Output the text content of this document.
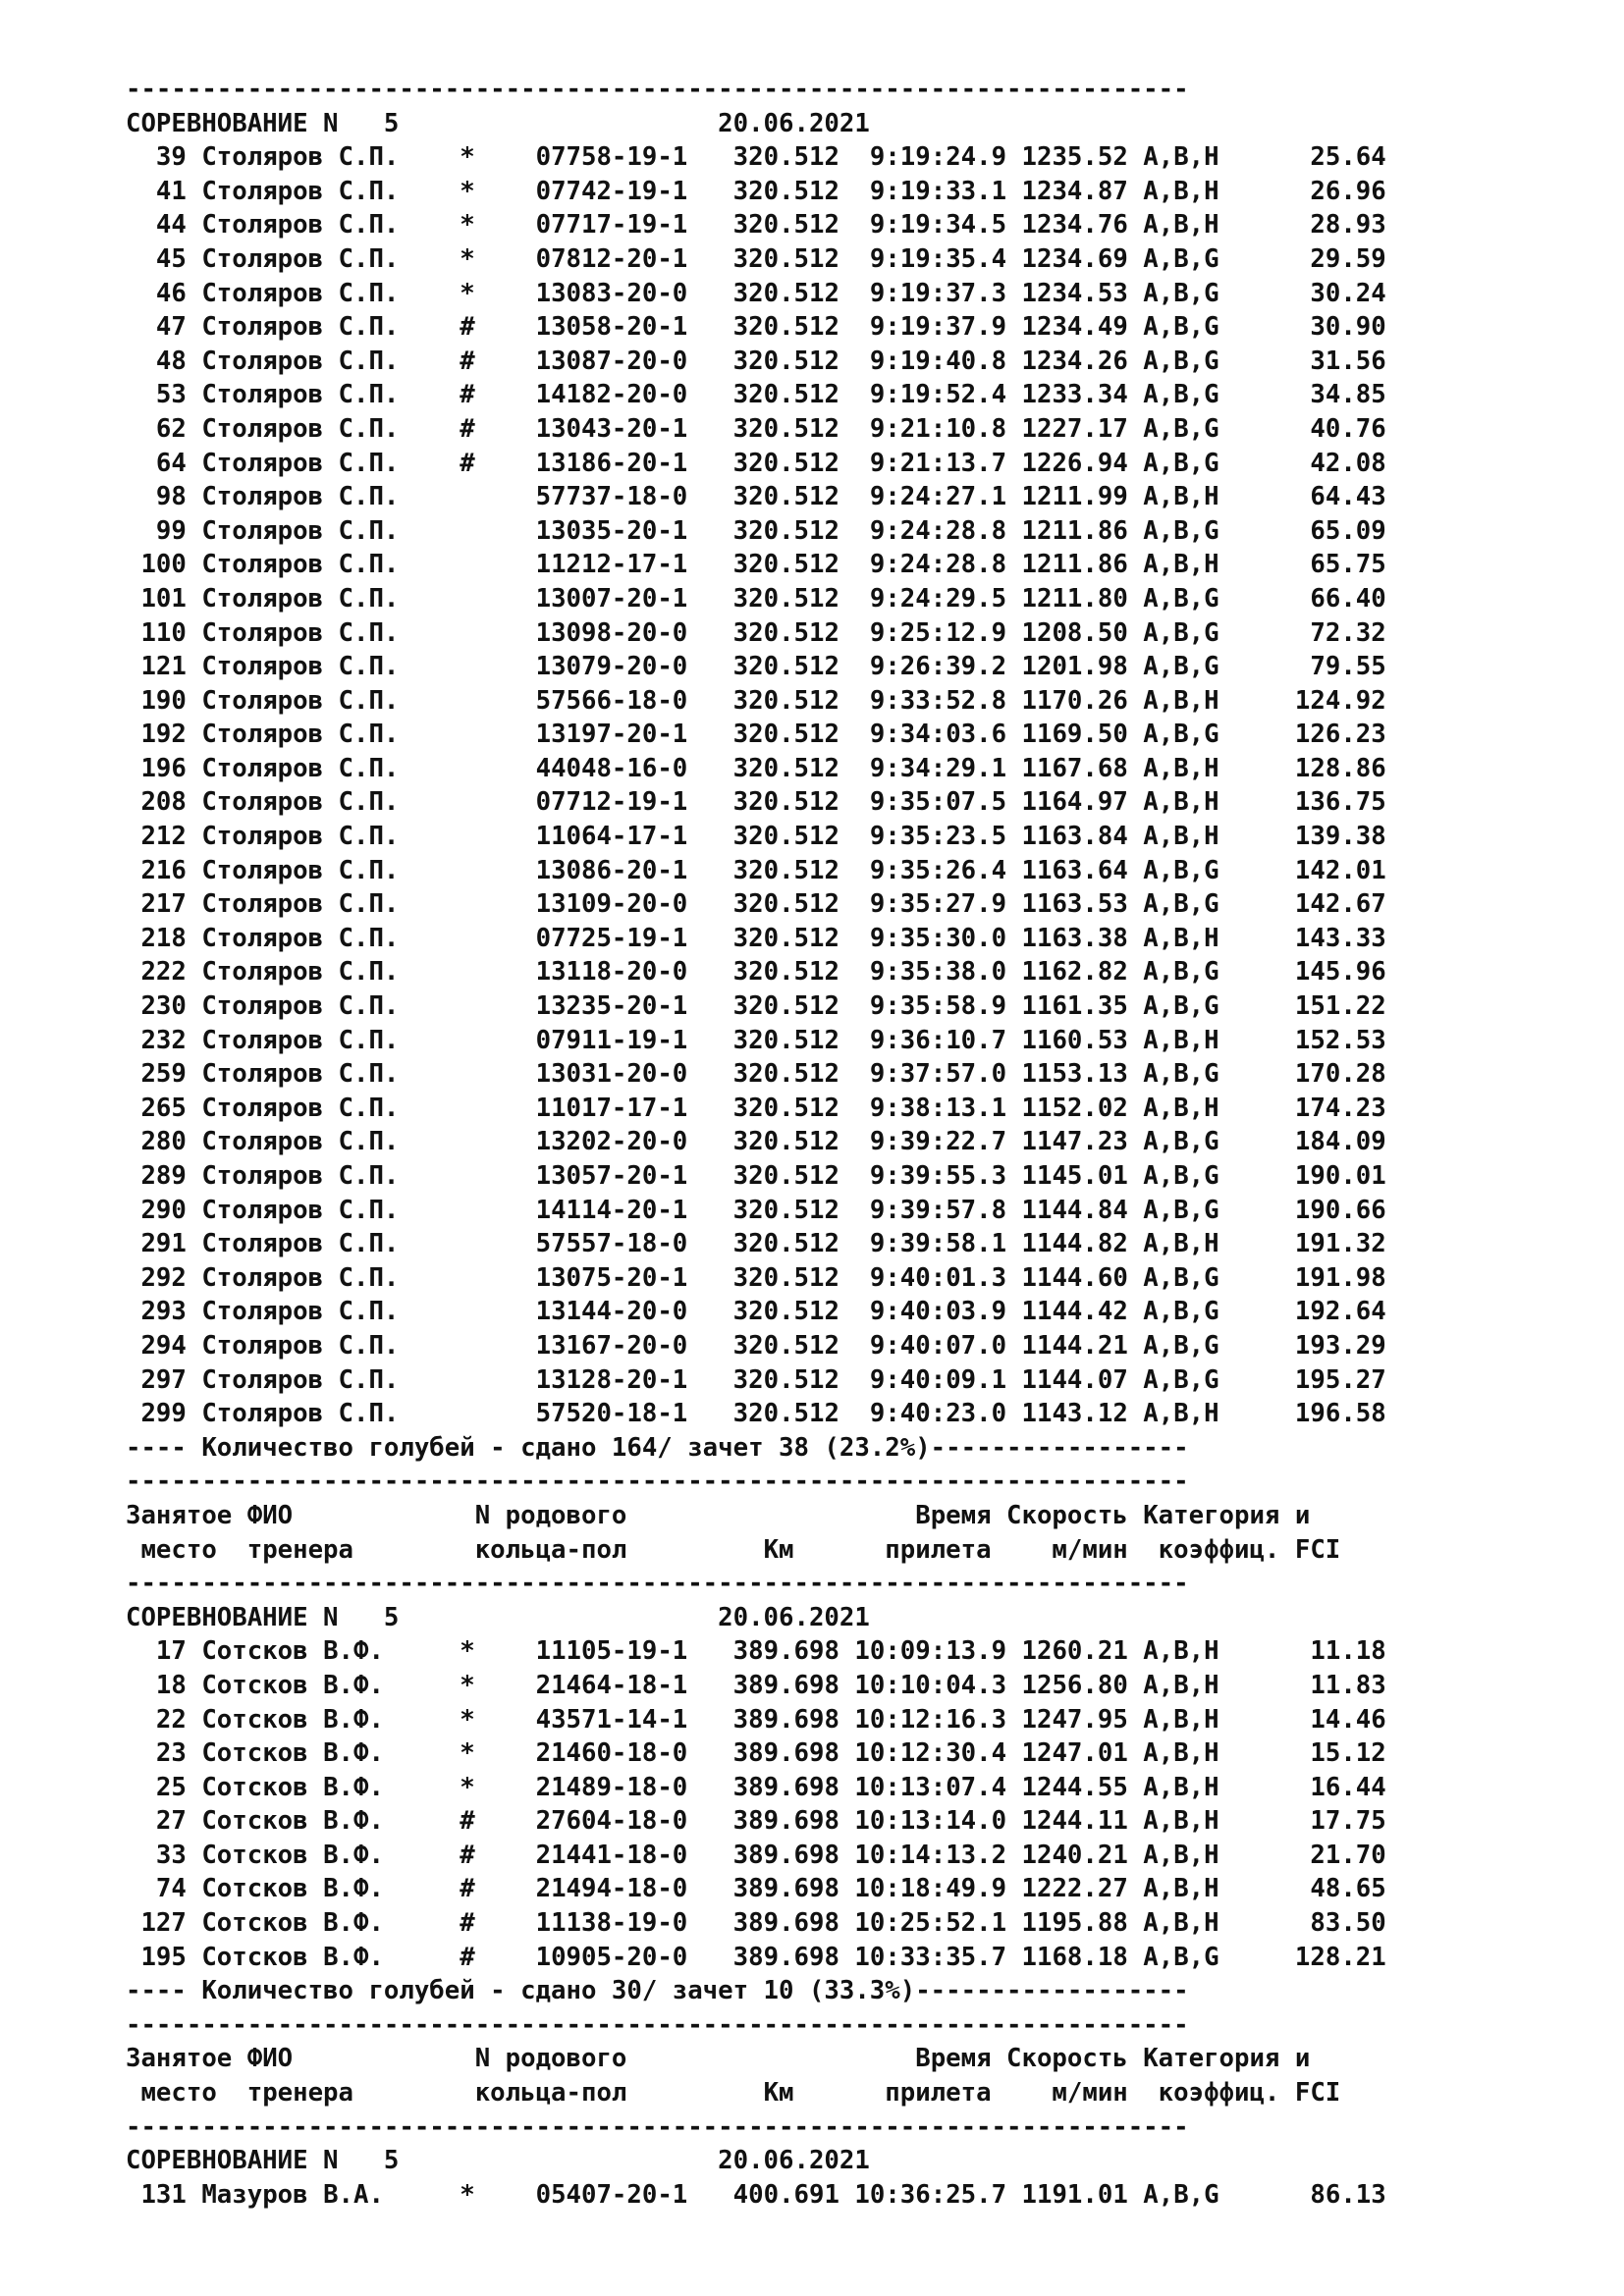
----------------------------------------------------------------------
СОРЕВНОВАНИЕ N   5                     20.06.2021
39 Столяров С.П.    * 07758-19-1 320.512  9:19:24.9 1235.52 A,B,H      25.64
41 Столяров С.П.    * 07742-19-1 320.512  9:19:33.1 1234.87 A,B,H      26.96
44 Столяров С.П.    * 07717-19-1 320.512  9:19:34.5 1234.76 A,B,H      28.93
45 Столяров С.П.    * 07812-20-1 320.512  9:19:35.4 1234.69 A,B,G      29.59
46 Столяров С.П.    * 13083-20-0 320.512  9:19:37.3 1234.53 A,B,G      30.24
47 Столяров С.П.    # 13058-20-1 320.512  9:19:37.9 1234.49 A,B,G      30.90
48 Столяров С.П.    # 13087-20-0 320.512  9:19:40.8 1234.26 A,B,G      31.56
53 Столяров С.П.    # 14182-20-0 320.512  9:19:52.4 1233.34 A,B,G      34.85
62 Столяров С.П.    # 13043-20-1 320.512  9:21:10.8 1227.17 A,B,G      40.76
64 Столяров С.П.    # 13186-20-1 320.512  9:21:13.7 1226.94 A,B,G      42.08
98 Столяров С.П.	57737-18-0 320.512  9:24:27.1 1211.99 A,B,H      64.43
99 Столяров С.П.	13035-20-1 320.512  9:24:28.8 1211.86 A,B,G      65.09
100 Столяров С.П.	11212-17-1 320.512  9:24:28.8 1211.86 A,B,H      65.75
101 Столяров С.П.	13007-20-1 320.512  9:24:29.5 1211.80 A,B,G      66.40
110 Столяров С.П.	13098-20-0 320.512  9:25:12.9 1208.50 A,B,G      72.32
121 Столяров С.П.	13079-20-0 320.512  9:26:39.2 1201.98 A,B,G      79.55
190 Столяров С.П.	57566-18-0 320.512  9:33:52.8 1170.26 A,B,H     124.92
192 Столяров С.П.	13197-20-1 320.512  9:34:03.6 1169.50 A,B,G     126.23
196 Столяров С.П.	44048-16-0 320.512  9:34:29.1 1167.68 A,B,H     128.86
208 Столяров С.П.	07712-19-1 320.512  9:35:07.5 1164.97 A,B,H     136.75
212 Столяров С.П.	11064-17-1 320.512  9:35:23.5 1163.84 A,B,H     139.38
216 Столяров С.П.	13086-20-1 320.512  9:35:26.4 1163.64 A,B,G     142.01
217 Столяров С.П.	13109-20-0 320.512  9:35:27.9 1163.53 A,B,G     142.67
218 Столяров С.П.	07725-19-1 320.512  9:35:30.0 1163.38 A,B,H     143.33
222 Столяров С.П.	13118-20-0 320.512  9:35:38.0 1162.82 A,B,G     145.96
230 Столяров С.П.	13235-20-1 320.512  9:35:58.9 1161.35 A,B,G     151.22
232 Столяров С.П.	07911-19-1 320.512  9:36:10.7 1160.53 A,B,H     152.53
259 Столяров С.П.	13031-20-0 320.512  9:37:57.0 1153.13 A,B,G     170.28
265 Столяров С.П.	11017-17-1 320.512  9:38:13.1 1152.02 A,B,H     174.23
280 Столяров С.П.	13202-20-0 320.512  9:39:22.7 1147.23 A,B,G     184.09
289 Столяров С.П.	13057-20-1 320.512  9:39:55.3 1145.01 A,B,G     190.01
290 Столяров С.П.	14114-20-1 320.512  9:39:57.8 1144.84 A,B,G     190.66
291 Столяров С.П.	57557-18-0 320.512  9:39:58.1 1144.82 A,B,H     191.32
292 Столяров С.П.	13075-20-1 320.512  9:40:01.3 1144.60 A,B,G     191.98
293 Столяров С.П.	13144-20-0 320.512  9:40:03.9 1144.42 A,B,G     192.64
294 Столяров С.П.	13167-20-0 320.512  9:40:07.0 1144.21 A,B,G     193.29
297 Столяров С.П.	13128-20-1 320.512  9:40:09.1 1144.07 A,B,G     195.27
299 Столяров С.П.	57520-18-1 320.512  9:40:23.0 1143.12 A,B,H     196.58
---- Количество голубей - сдано 164/ зачет 38 (23.2%)-----------------
----------------------------------------------------------------------
Занятое ФИО            N родового	Время Скорость Категория и
место  тренера        кольца-пол         Км      прилета    м/мин  коэффиц. FCI
----------------------------------------------------------------------
СОРЕВНОВАНИЕ N   5                     20.06.2021
17 Сотсков В.Ф.     * 11105-19-1 389.698 10:09:13.9 1260.21 A,B,H      11.18
18 Сотсков В.Ф.     * 21464-18-1 389.698 10:10:04.3 1256.80 A,B,H      11.83
22 Сотсков В.Ф.     * 43571-14-1 389.698 10:12:16.3 1247.95 A,B,H      14.46
23 Сотсков В.Ф.     * 21460-18-0 389.698 10:12:30.4 1247.01 A,B,H      15.12
25 Сотсков В.Ф.     * 21489-18-0 389.698 10:13:07.4 1244.55 A,B,H      16.44
27 Сотсков В.Ф.     # 27604-18-0 389.698 10:13:14.0 1244.11 A,B,H      17.75
33 Сотсков В.Ф.     # 21441-18-0 389.698 10:14:13.2 1240.21 A,B,H      21.70
74 Сотсков В.Ф.     # 21494-18-0 389.698 10:18:49.9 1222.27 A,B,H      48.65
127 Сотсков В.Ф.     # 11138-19-0 389.698 10:25:52.1 1195.88 A,B,H      83.50
195 Сотсков В.Ф.     # 10905-20-0 389.698 10:33:35.7 1168.18 A,B,G     128.21
---- Количество голубей - сдано 30/ зачет 10 (33.3%)------------------
----------------------------------------------------------------------
Занятое ФИО            N родового	Время Скорость Категория и
место  тренера        кольца-пол         Км      прилета    м/мин  коэффиц. FCI
----------------------------------------------------------------------
СОРЕВНОВАНИЕ N   5                     20.06.2021
131 Мазуров В.А.     * 05407-20-1 400.691 10:36:25.7 1191.01 A,B,G      86.13
